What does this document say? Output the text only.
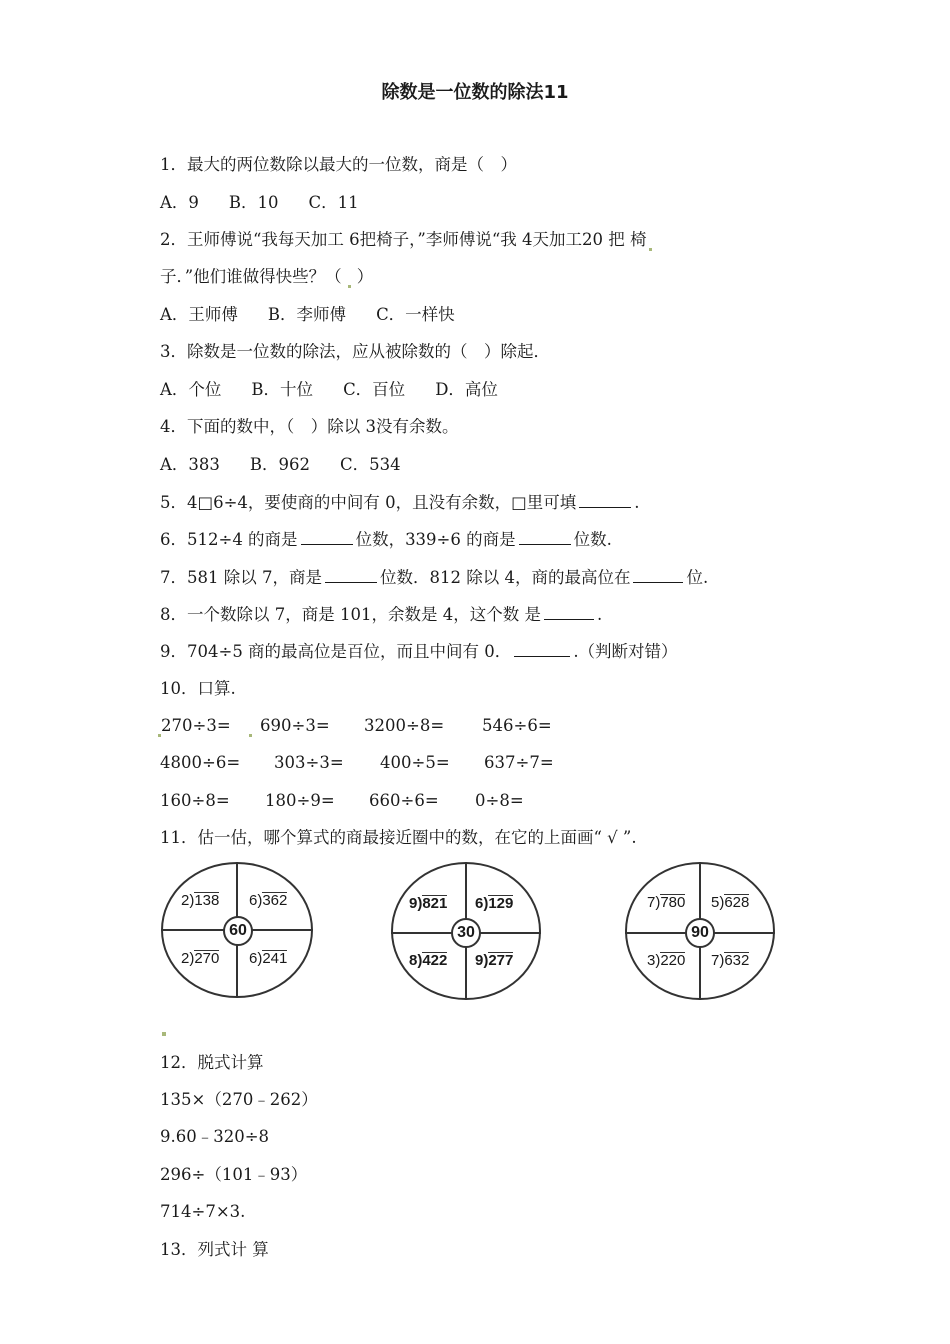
除数是一位数的除法11
1．最大的两位数除以最大的一位数，商是（　）
A．9 B．10 C．11
2．王师傅说“我每天加工 6把椅子，”李师傅说“我 4天加工20 把 椅
子．”他们谁做得快些？（ ）
A．王师傅 B．李师傅 C．一样快
3．除数是一位数的除法，应从被除数的（　）除起．
A．个位 B．十位 C．百位 D．高位
4．下面的数中，（　）除以 3没有余数。
A．383 B．962 C．534
5．4□6÷4，要使商的中间有 0，且没有余数，□里可填	.
6．512÷4 的商是	位数，339÷6 的商是	位数.
7．581 除以 7，商是	位数．812 除以 4，商的最高位在	位.
8．一个数除以 7，商是 101，余数是 4，这个数 是	.
9．704÷5 商的最高位是百位，而且中间有 0．	.（判断对错）
10．口算.
270÷3= 690÷3= 3200÷8= 546÷6=
4800÷6= 303÷3= 400÷5= 637÷7=
160÷8= 180÷9= 660÷6= 0÷8=
11．估一估，哪个算式的商最接近圈中的数，在它的上面画“ √ ”.
60
2)138 6)362
2)270 6)241
30
9)821 6)129
8)422 9)277
90
7)780 5)628
3)220 7)632
12．脱式计算
135×（270﹣262）
9.60﹣320÷8
296÷（101﹣93）
714÷7×3.
13．列式计 算
